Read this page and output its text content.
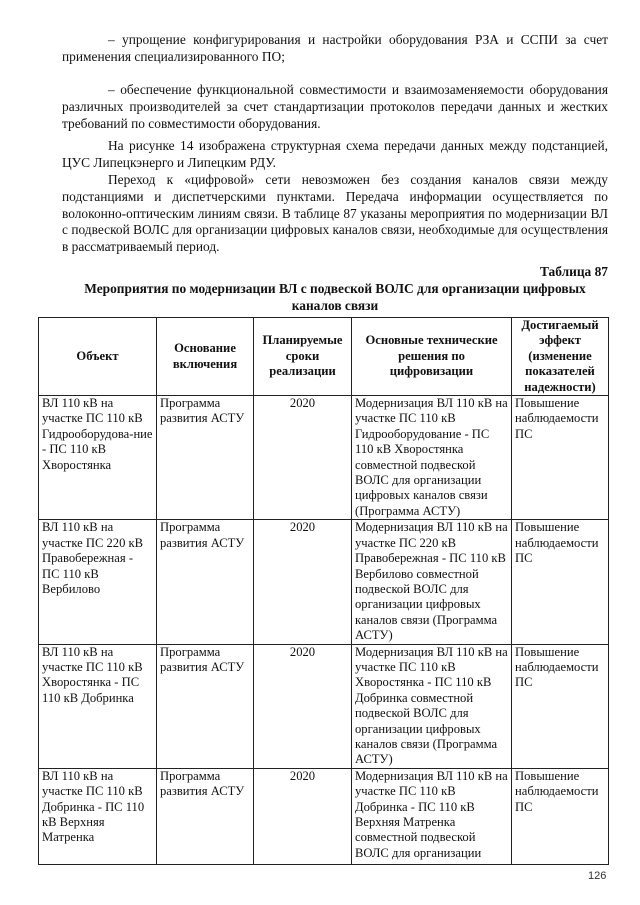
– упрощение конфигурирования и настройки оборудования РЗА и ССПИ за счет применения специализированного ПО;

– обеспечение функциональной совместимости и взаимозаменяемости оборудования различных производителей за счет стандартизации протоколов передачи данных и жестких требований по совместимости оборудования.

На рисунке 14 изображена структурная схема передачи данных между подстанцией, ЦУС Липецкэнерго и Липецким РДУ.

Переход к «цифровой» сети невозможен без создания каналов связи между подстанциями и диспетчерскими пунктами. Передача информации осуществляется по волоконно-оптическим линиям связи. В таблице 87 указаны мероприятия по модернизации ВЛ с подвеской ВОЛС для организации цифровых каналов связи, необходимые для осуществления в рассматриваемый период.

Таблица 87
Мероприятия по модернизации ВЛ с подвеской ВОЛС для организации цифровых каналов связи
Объект	Основание включения	Планируемые сроки реализации	Основные технические решения по цифровизации	Достигаемый эффект (изменение показателей надежности)
ВЛ 110 кВ на участке ПС 110 кВ Гидрооборудова-ние - ПС 110 кВ Хворостянка	Программа развития АСТУ	2020	Модернизация ВЛ 110 кВ на участке ПС 110 кВ Гидрооборудование - ПС 110 кВ Хворостянка совместной подвеской ВОЛС для организации цифровых каналов связи (Программа АСТУ)	Повышение наблюдаемости ПС
ВЛ 110 кВ на участке ПС 220 кВ Правобережная - ПС 110 кВ Вербилово	Программа развития АСТУ	2020	Модернизация ВЛ 110 кВ на участке ПС 220 кВ Правобережная - ПС 110 кВ Вербилово совместной подвеской ВОЛС для организации цифровых каналов связи (Программа АСТУ)	Повышение наблюдаемости ПС
ВЛ 110 кВ на участке ПС 110 кВ Хворостянка - ПС 110 кВ Добринка	Программа развития АСТУ	2020	Модернизация ВЛ 110 кВ на участке ПС 110 кВ Хворостянка - ПС 110 кВ Добринка совместной подвеской ВОЛС для организации цифровых каналов связи (Программа АСТУ)	Повышение наблюдаемости ПС
ВЛ 110 кВ на участке ПС 110 кВ Добринка - ПС 110 кВ Верхняя Матренка	Программа развития АСТУ	2020	Модернизация ВЛ 110 кВ на участке ПС 110 кВ Добринка - ПС 110 кВ Верхняя Матренка совместной подвеской ВОЛС для организации	Повышение наблюдаемости ПС
126
